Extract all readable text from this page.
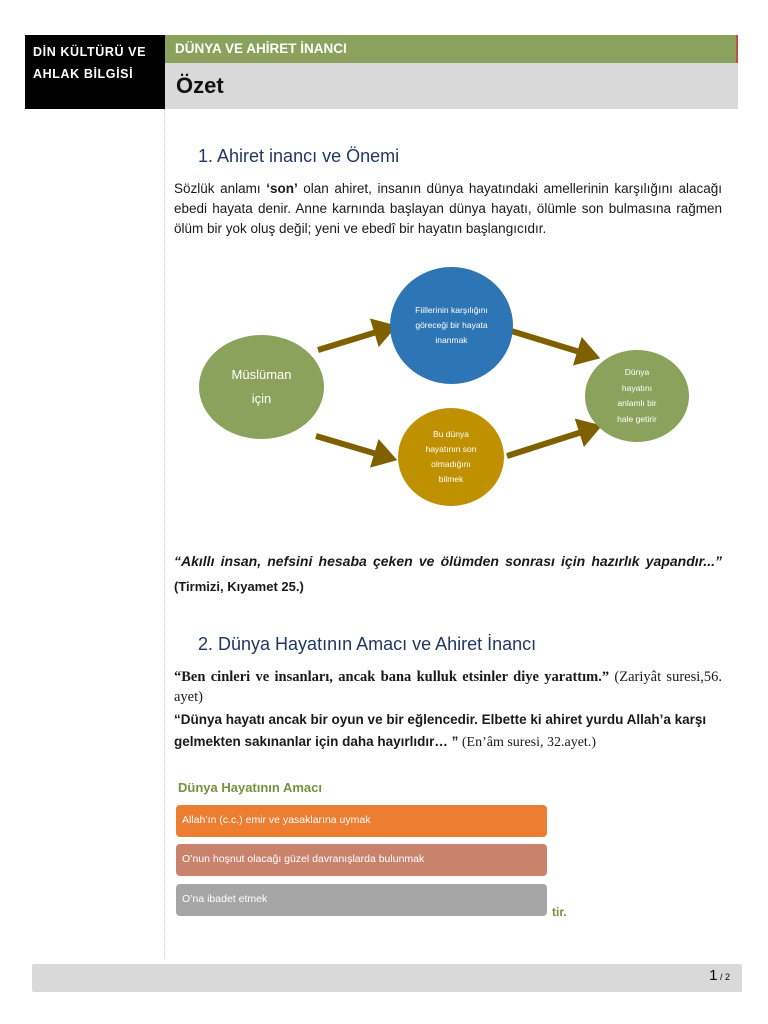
DİN KÜLTÜRÜ VE
AHLAK BİLGİSİ
DÜNYA VE AHİRET İNANCI
Özet
1. Ahiret inancı ve Önemi
Sözlük anlamı ‘son’ olan ahiret, insanın dünya hayatındaki amellerinin karşılığını alacağı ebedi hayata denir. Anne karnında başlayan dünya hayatı, ölümle son bulmasına rağmen ölüm bir yok oluş değil; yeni ve ebedî bir hayatın başlangıcıdır.
Müslüman için
Fiillerinin karşılığını göreceği bir hayata inanmak
Bu dünya hayatının son olmadığını bilmek
Dünya hayatını anlamlı bir hale getirir
“Akıllı insan, nefsini hesaba çeken ve ölümden sonrası için hazırlık yapandır...” (Tirmizi, Kıyamet 25.)
2. Dünya Hayatının Amacı ve Ahiret İnancı
“Ben cinleri ve insanları, ancak bana kulluk etsinler diye yarattım.” (Zariyât suresi,56. ayet)
“Dünya hayatı ancak bir oyun ve bir eğlencedir. Elbette ki ahiret yurdu Allah’a karşı gelmekten sakınanlar için daha hayırlıdır… ” (En’âm suresi, 32.ayet.)
Dünya Hayatının Amacı
Allah’ın (c.c.) emir ve yasaklarına uymak
O’nun hoşnut olacağı güzel davranışlarda bulunmak
O’na ibadet etmek
tir.
1 / 2
